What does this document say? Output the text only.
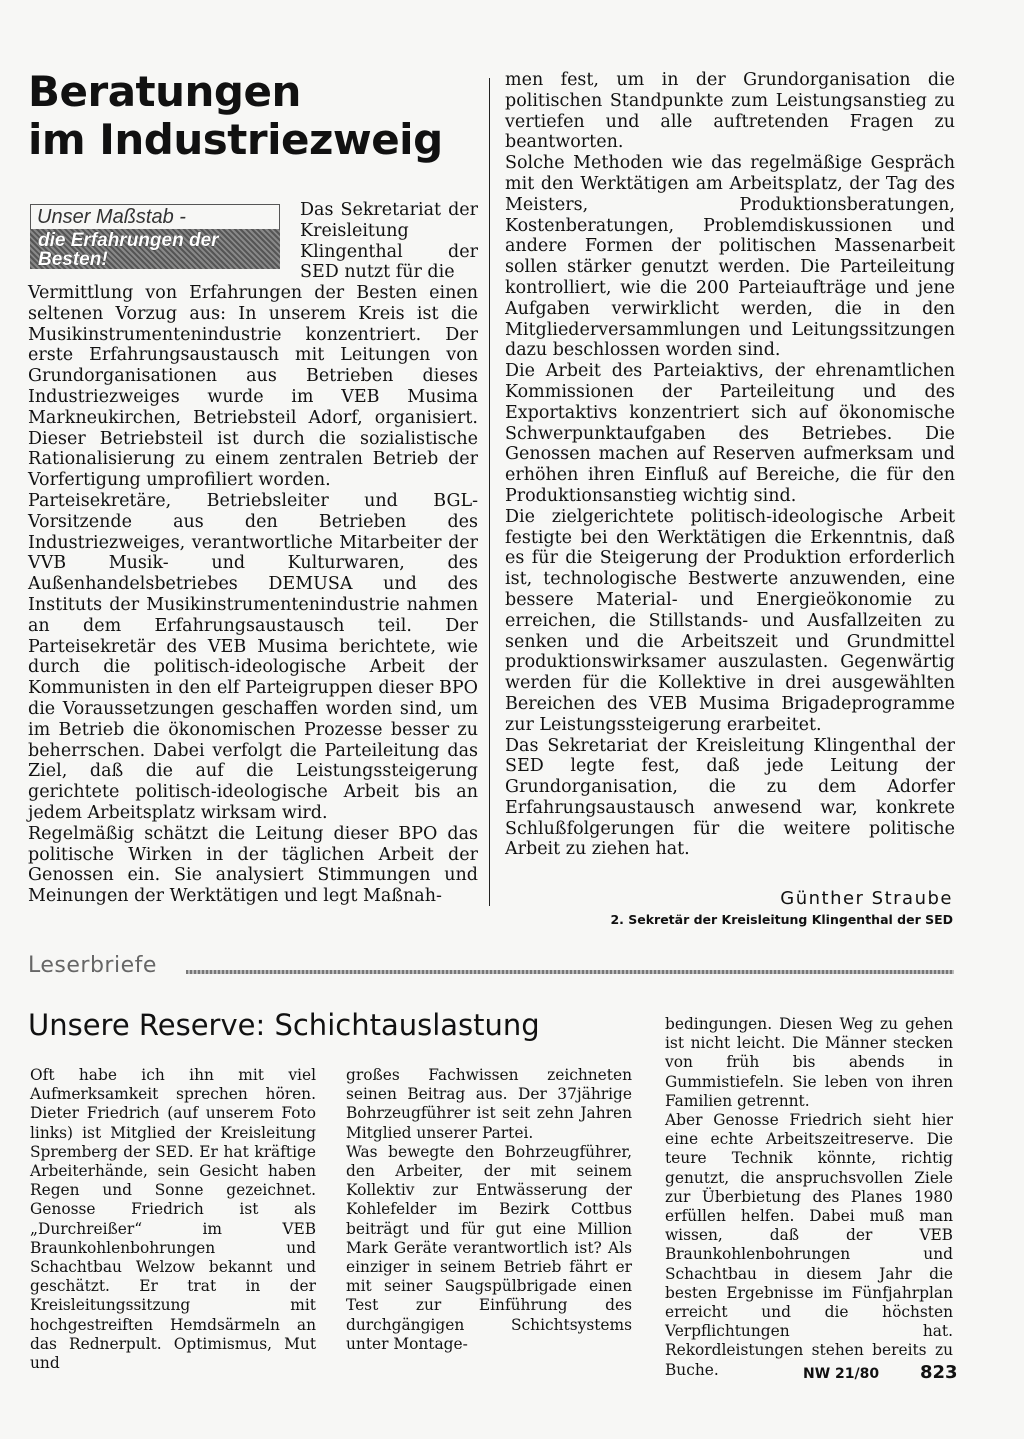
Beratungen
im Industriezweig
Unser Maßstab -
die Erfahrungen der Besten!

Das Sekretariat der Kreisleitung Klingenthal der SED nutzt für die

Vermittlung von Erfahrungen der Besten einen seltenen Vorzug aus: In unserem Kreis ist die Musikinstrumentenindustrie konzentriert. Der erste Erfahrungsaustausch mit Leitungen von Grundorganisationen aus Betrieben dieses Industriezweiges wurde im VEB Musima Markneukirchen, Betriebsteil Adorf, organisiert. Dieser Betriebsteil ist durch die sozialistische Rationalisierung zu einem zentralen Betrieb der Vorfertigung umprofiliert worden.

Parteisekretäre, Betriebsleiter und BGL-Vorsitzende aus den Betrieben des Industriezweiges, verantwortliche Mitarbeiter der VVB Musik- und Kulturwaren, des Außenhandelsbetriebes DEMUSA und des Instituts der Musikinstrumentenindustrie nahmen an dem Erfahrungsaustausch teil. Der Parteisekretär des VEB Musima berichtete, wie durch die politisch-ideologische Arbeit der Kommunisten in den elf Parteigruppen dieser BPO die Voraussetzungen geschaffen worden sind, um im Betrieb die ökonomischen Prozesse besser zu beherrschen. Dabei verfolgt die Parteileitung das Ziel, daß die auf die Leistungssteigerung gerichtete politisch-ideologische Arbeit bis an jedem Arbeitsplatz wirksam wird.

Regelmäßig schätzt die Leitung dieser BPO das politische Wirken in der täglichen Arbeit der Genossen ein. Sie analysiert Stimmungen und Meinungen der Werktätigen und legt Maßnah-

men fest, um in der Grundorganisation die politischen Standpunkte zum Leistungsanstieg zu vertiefen und alle auftretenden Fragen zu beantworten.

Solche Methoden wie das regelmäßige Gespräch mit den Werktätigen am Arbeitsplatz, der Tag des Meisters, Produktionsberatungen, Kostenberatungen, Problemdiskussionen und andere Formen der politischen Massenarbeit sollen stärker genutzt werden. Die Parteileitung kontrolliert, wie die 200 Parteiaufträge und jene Aufgaben verwirklicht werden, die in den Mitgliederversammlungen und Leitungssitzungen dazu beschlossen worden sind.

Die Arbeit des Parteiaktivs, der ehrenamtlichen Kommissionen der Parteileitung und des Exportaktivs konzentriert sich auf ökonomische Schwerpunktaufgaben des Betriebes. Die Genossen machen auf Reserven aufmerksam und erhöhen ihren Einfluß auf Bereiche, die für den Produktionsanstieg wichtig sind.

Die zielgerichtete politisch-ideologische Arbeit festigte bei den Werktätigen die Erkenntnis, daß es für die Steigerung der Produktion erforderlich ist, technologische Bestwerte anzuwenden, eine bessere Material- und Energieökonomie zu erreichen, die Stillstands- und Ausfallzeiten zu senken und die Arbeitszeit und Grundmittel produktionswirksamer auszulasten. Gegenwärtig werden für die Kollektive in drei ausgewählten Bereichen des VEB Musima Brigadeprogramme zur Leistungssteigerung erarbeitet.

Das Sekretariat der Kreisleitung Klingenthal der SED legte fest, daß jede Leitung der Grundorganisation, die zu dem Adorfer Erfahrungsaustausch anwesend war, konkrete Schlußfolgerungen für die weitere politische Arbeit zu ziehen hat.

Günther Straube
2. Sekretär der Kreisleitung Klingenthal der SED
Leserbriefe
Unsere Reserve: Schichtauslastung

Oft habe ich ihn mit viel Aufmerksamkeit sprechen hören. Dieter Friedrich (auf unserem Foto links) ist Mitglied der Kreisleitung Spremberg der SED. Er hat kräftige Arbeiterhände, sein Gesicht haben Regen und Sonne gezeichnet. Genosse Friedrich ist als „Durchreißer“ im VEB Braunkohlenbohrungen und Schachtbau Welzow bekannt und geschätzt. Er trat in der Kreisleitungssitzung mit hochgestreiften Hemdsärmeln an das Rednerpult. Optimismus, Mut und

großes Fachwissen zeichneten seinen Beitrag aus. Der 37jährige Bohrzeugführer ist seit zehn Jahren Mitglied unserer Partei.

Was bewegte den Bohrzeugführer, den Arbeiter, der mit seinem Kollektiv zur Entwässerung der Kohlefelder im Bezirk Cottbus beiträgt und für gut eine Million Mark Geräte verantwortlich ist? Als einziger in seinem Betrieb fährt er mit seiner Saugspülbrigade einen Test zur Einführung des durchgängigen Schichtsystems unter Montage-

bedingungen. Diesen Weg zu gehen ist nicht leicht. Die Männer stecken von früh bis abends in Gummistiefeln. Sie leben von ihren Familien getrennt.

Aber Genosse Friedrich sieht hier eine echte Arbeitszeitreserve. Die teure Technik könnte, richtig genutzt, die anspruchsvollen Ziele zur Überbietung des Planes 1980 erfüllen helfen. Dabei muß man wissen, daß der VEB Braunkohlenbohrungen und Schachtbau in diesem Jahr die besten Ergebnisse im Fünfjahrplan erreicht und die höchsten Verpflichtungen hat. Rekordleistungen stehen bereits zu Buche.	NW 21/80 823
